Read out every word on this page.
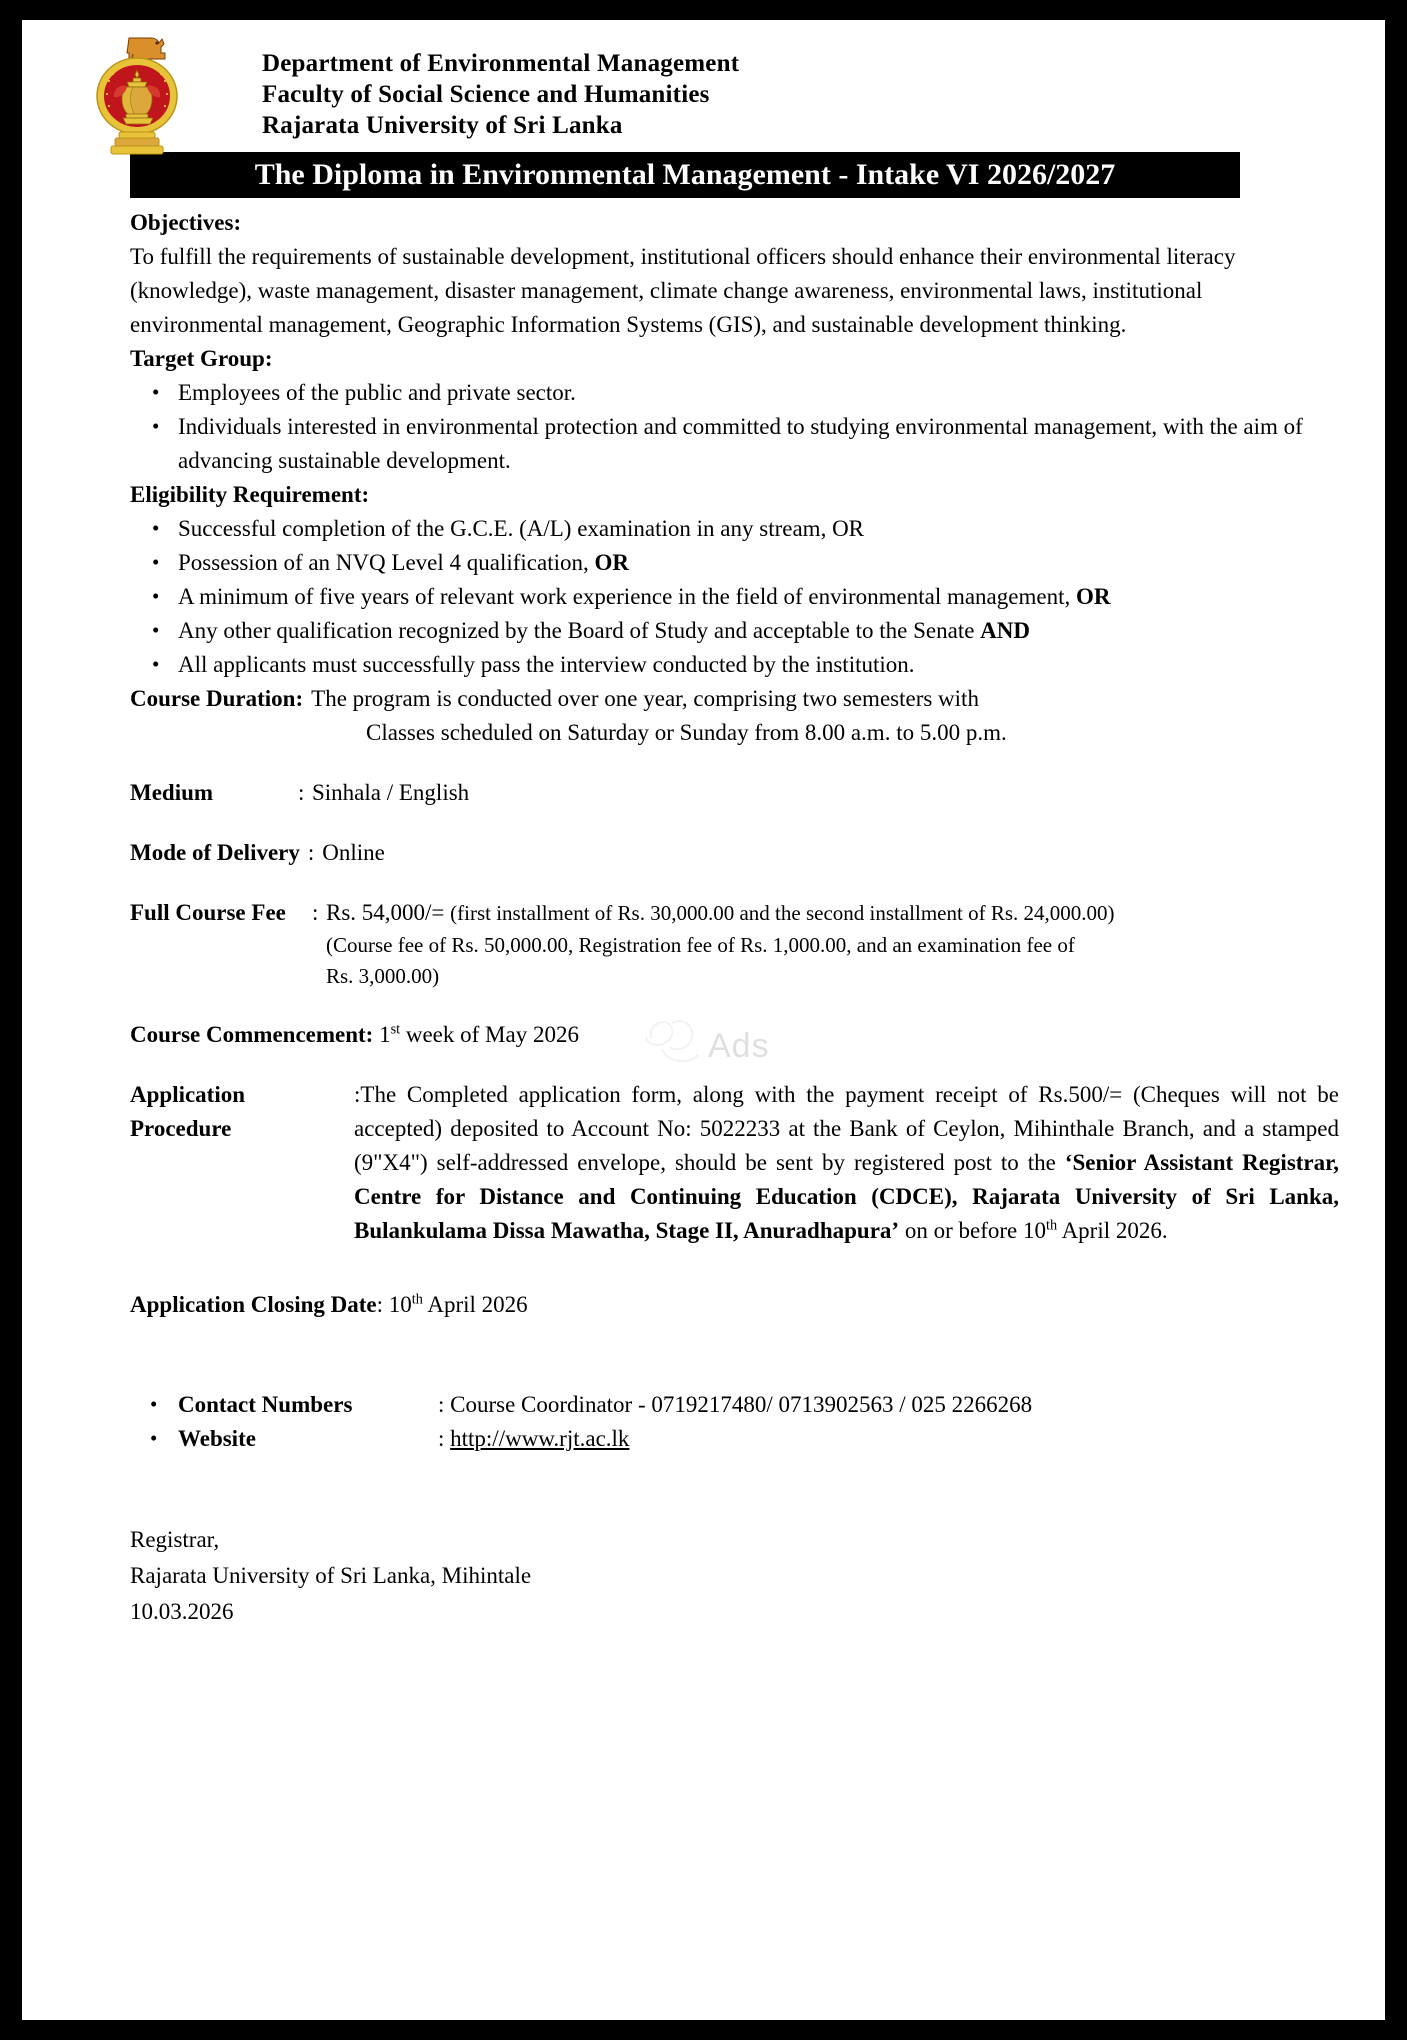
Department of Environmental Management
Faculty of Social Science and Humanities
Rajarata University of Sri Lanka
The Diploma in Environmental Management - Intake VI 2026/2027
Objectives:

To fulfill the requirements of sustainable development, institutional officers should enhance their environmental literacy (knowledge), waste management, disaster management, climate change awareness, environmental laws, institutional environmental management, Geographic Information Systems (GIS), and sustainable development thinking.

Target Group:
• Employees of the public and private sector.
• Individuals interested in environmental protection and committed to studying environmental management, with the aim of advancing sustainable development.
Eligibility Requirement:
• Successful completion of the G.C.E. (A/L) examination in any stream, OR
• Possession of an NVQ Level 4 qualification, OR
• A minimum of five years of relevant work experience in the field of environmental management, OR
• Any other qualification recognized by the Board of Study and acceptable to the Senate AND
• All applicants must successfully pass the interview conducted by the institution.
Course Duration: The program is conducted over one year, comprising two semesters with
Classes scheduled on Saturday or Sunday from 8.00 a.m. to 5.00 p.m.
Medium	: Sinhala / English
Mode of Delivery : Online
Full Course Fee	: Rs. 54,000/= (first installment of Rs. 30,000.00 and the second installment of Rs. 24,000.00)
(Course fee of Rs. 50,000.00, Registration fee of Rs. 1,000.00, and an examination fee of
Rs. 3,000.00)
Course Commencement: 1st week of May 2026
Application Procedure
:The Completed application form, along with the payment receipt of Rs.500/= (Cheques will not be accepted) deposited to Account No: 5022233 at the Bank of Ceylon, Mihinthale Branch, and a stamped (9"X4") self-addressed envelope, should be sent by registered post to the ‘Senior Assistant Registrar, Centre for Distance and Continuing Education (CDCE), Rajarata University of Sri Lanka, Bulankulama Dissa Mawatha, Stage II, Anuradhapura’ on or before 10th April 2026.
Application Closing Date: 10th April 2026
• Contact Numbers	: Course Coordinator - 0719217480/ 0713902563 / 025 2266268
• Website	: http://www.rjt.ac.lk
Registrar,
Rajarata University of Sri Lanka, Mihintale
10.03.2026
Ads
